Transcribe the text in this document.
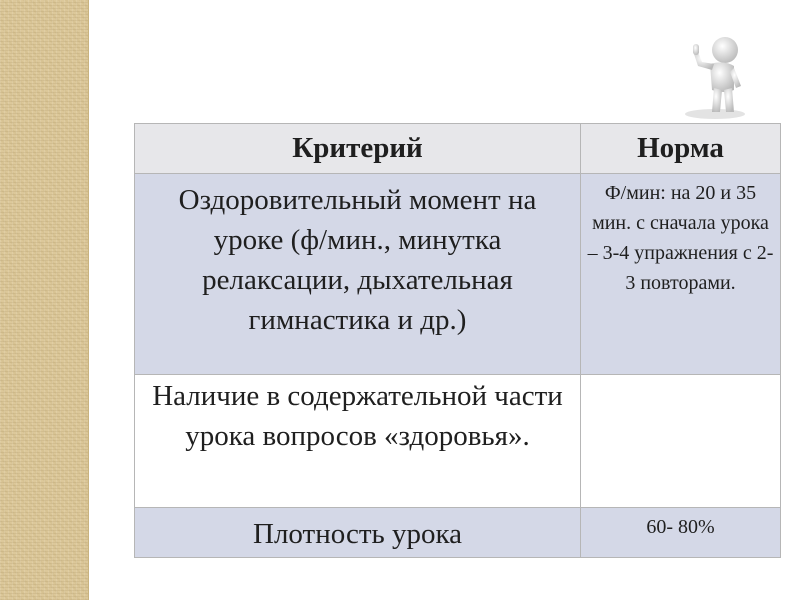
Критерий	Норма

Оздоровительный момент на уроке (ф/мин., минутка релаксации, дыхательная гимнастика и др.)	Ф/мин: на 20 и 35 мин. с сначала урока – 3-4 упражнения с 2-3 повторами.

Наличие в содержательной части урока вопросов «здоровья».	

Плотность урока	60- 80%
